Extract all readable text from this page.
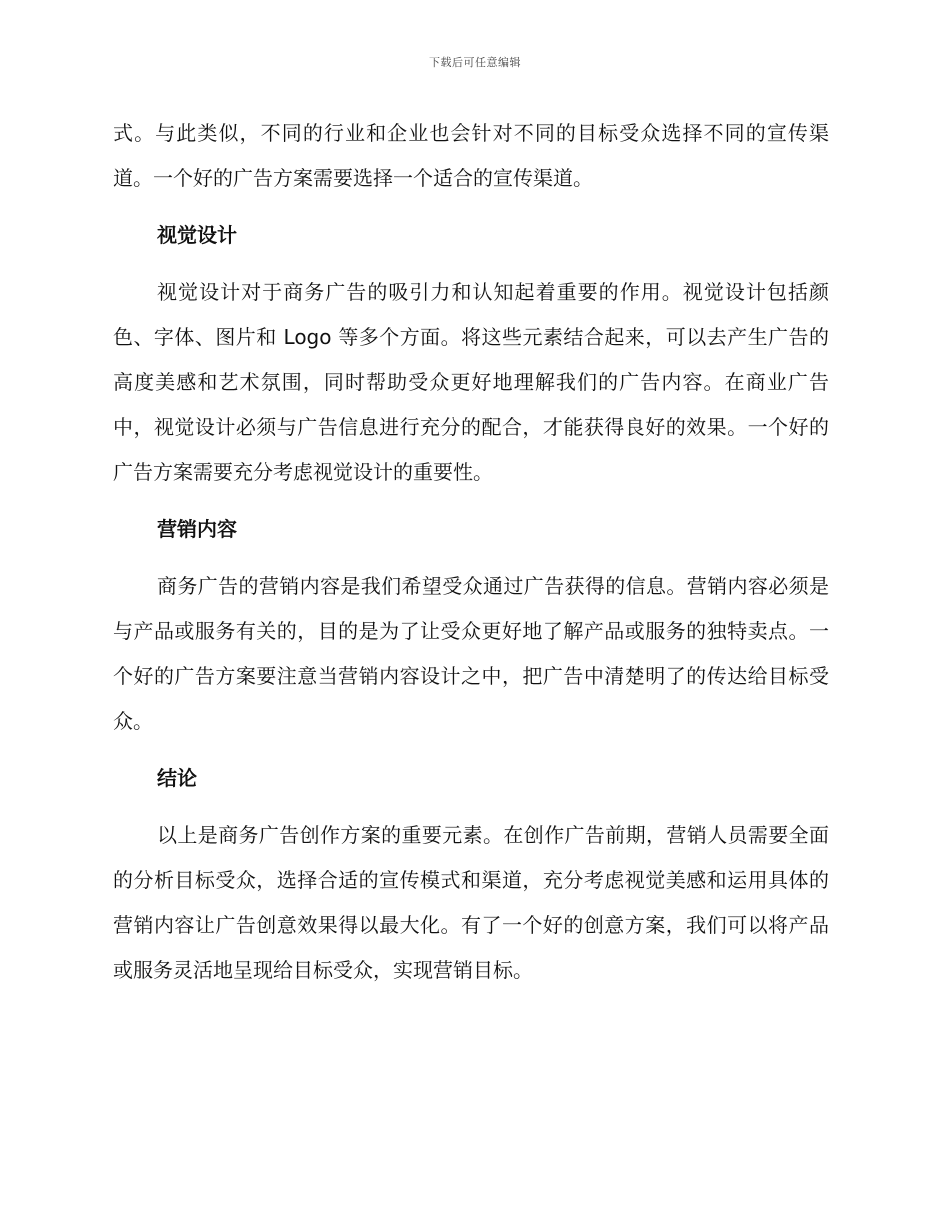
下载后可任意编辑

式。与此类似，不同的行业和企业也会针对不同的目标受众选择不同的宣传渠道。一个好的广告方案需要选择一个适合的宣传渠道。

视觉设计

视觉设计对于商务广告的吸引力和认知起着重要的作用。视觉设计包括颜色、字体、图片和 Logo 等多个方面。将这些元素结合起来，可以去产生广告的高度美感和艺术氛围，同时帮助受众更好地理解我们的广告内容。在商业广告中，视觉设计必须与广告信息进行充分的配合，才能获得良好的效果。一个好的广告方案需要充分考虑视觉设计的重要性。

营销内容

商务广告的营销内容是我们希望受众通过广告获得的信息。营销内容必须是与产品或服务有关的，目的是为了让受众更好地了解产品或服务的独特卖点。一个好的广告方案要注意当营销内容设计之中，把广告中清楚明了的传达给目标受众。

结论

以上是商务广告创作方案的重要元素。在创作广告前期，营销人员需要全面的分析目标受众，选择合适的宣传模式和渠道，充分考虑视觉美感和运用具体的营销内容让广告创意效果得以最大化。有了一个好的创意方案，我们可以将产品或服务灵活地呈现给目标受众，实现营销目标。
